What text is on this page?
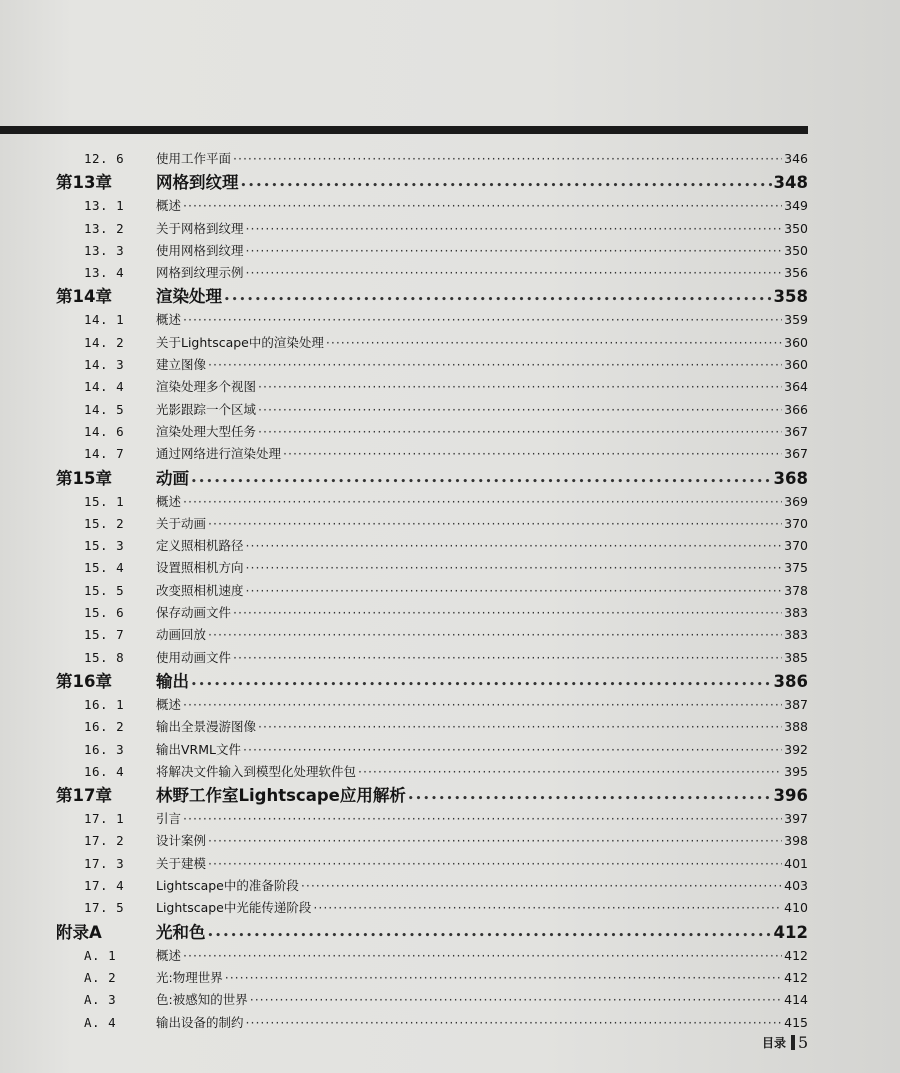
12. 6	使用工作平面 ·····	346
第13章	网格到纹理 •••••	348
13. 1	概述 ·····	349
13. 2	关于网格到纹理 ·····	350
13. 3	使用网格到纹理 ·····	350
13. 4	网格到纹理示例 ·····	356
第14章	渲染处理 •••••	358
14. 1	概述 ·····	359
14. 2	关于Lightscape中的渲染处理 ·····	360
14. 3	建立图像 ·····	360
14. 4	渲染处理多个视图 ·····	364
14. 5	光影跟踪一个区域 ·····	366
14. 6	渲染处理大型任务 ·····	367
14. 7	通过网络进行渲染处理 ·····	367
第15章	动画 •••••	368
15. 1	概述 ·····	369
15. 2	关于动画 ·····	370
15. 3	定义照相机路径 ·····	370
15. 4	设置照相机方向 ·····	375
15. 5	改变照相机速度 ·····	378
15. 6	保存动画文件 ·····	383
15. 7	动画回放 ·····	383
15. 8	使用动画文件 ·····	385
第16章	输出 •••••	386
16. 1	概述 ·····	387
16. 2	输出全景漫游图像 ·····	388
16. 3	输出VRML文件 ·····	392
16. 4	将解决文件输入到模型化处理软件包 ·····	395
第17章	林野工作室Lightscape应用解析 •••••	396
17. 1	引言 ·····	397
17. 2	设计案例 ·····	398
17. 3	关于建模 ·····	401
17. 4	Lightscape中的准备阶段 ·····	403
17. 5	Lightscape中光能传递阶段 ·····	410
附录A	光和色 •••••	412
A. 1	概述 ·····	412
A. 2	光:物理世界 ·····	412
A. 3	色:被感知的世界 ·····	414
A. 4	输出设备的制约 ·····	415
目录 5
